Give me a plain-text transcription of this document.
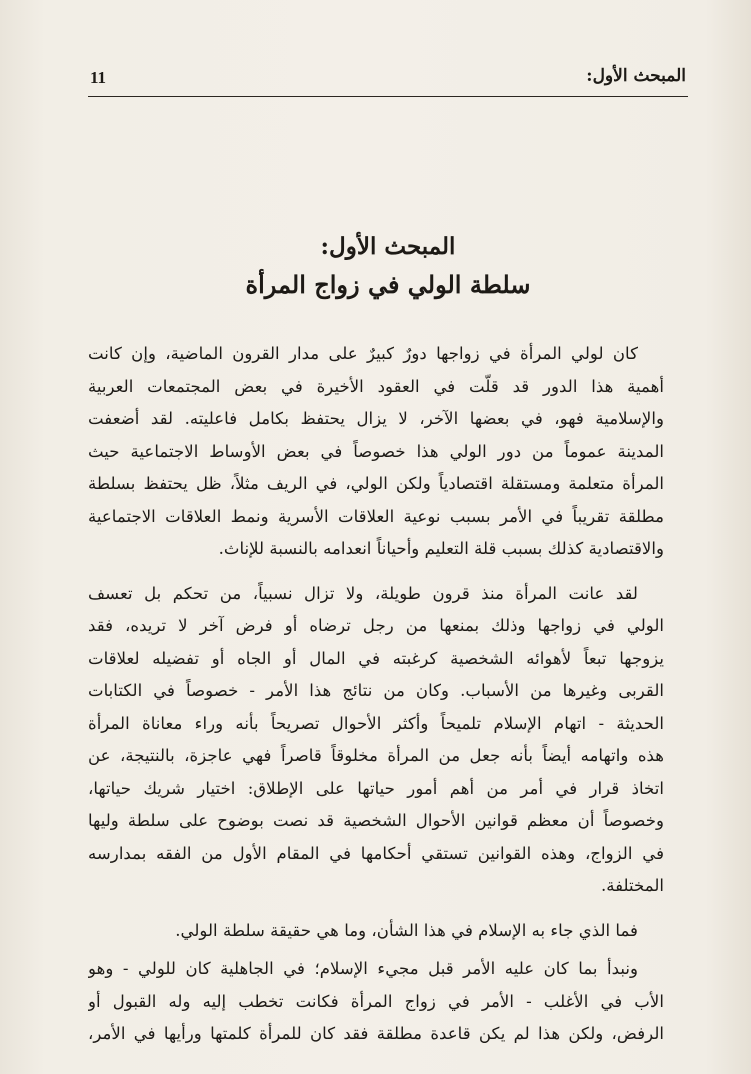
11	المبحث الأول:
المبحث الأول:
سلطة الولي في زواج المرأة
كان لولي المرأة في زواجها دورٌ كبيرٌ على مدار القرون الماضية، وإن كانت
أهمية هذا الدور قد قلّت في العقود الأخيرة في بعض المجتمعات العربية
والإسلامية فهو، في بعضها الآخر، لا يزال يحتفظ بكامل فاعليته. لقد أضعفت
المدينة عموماً من دور الولي هذا خصوصاً في بعض الأوساط الاجتماعية حيث
المرأة متعلمة ومستقلة اقتصادياً ولكن الولي، في الريف مثلاً، ظل يحتفظ بسلطة
مطلقة تقريباً في الأمر بسبب نوعية العلاقات الأسرية ونمط العلاقات الاجتماعية
والاقتصادية كذلك بسبب قلة التعليم وأحياناً انعدامه بالنسبة للإناث.
لقد عانت المرأة منذ قرون طويلة، ولا تزال نسبياً، من تحكم بل تعسف
الولي في زواجها وذلك بمنعها من رجل ترضاه أو فرض آخر لا تريده، فقد
يزوجها تبعاً لأهوائه الشخصية كرغبته في المال أو الجاه أو تفضيله لعلاقات
القربى وغيرها من الأسباب. وكان من نتائج هذا الأمر - خصوصاً في الكتابات
الحديثة - اتهام الإسلام تلميحاً وأكثر الأحوال تصريحاً بأنه وراء معاناة المرأة
هذه واتهامه أيضاً بأنه جعل من المرأة مخلوقاً قاصراً فهي عاجزة، بالنتيجة، عن
اتخاذ قرار في أمر من أهم أمور حياتها على الإطلاق: اختيار شريك حياتها،
وخصوصاً أن معظم قوانين الأحوال الشخصية قد نصت بوضوح على سلطة وليها
في الزواج، وهذه القوانين تستقي أحكامها في المقام الأول من الفقه بمدارسه
المختلفة.
فما الذي جاء به الإسلام في هذا الشأن، وما هي حقيقة سلطة الولي.
ونبدأ بما كان عليه الأمر قبل مجيء الإسلام؛ في الجاهلية كان للولي - وهو
الأب في الأغلب - الأمر في زواج المرأة فكانت تخطب إليه وله القبول أو
الرفض، ولكن هذا لم يكن قاعدة مطلقة فقد كان للمرأة كلمتها ورأيها في الأمر،
